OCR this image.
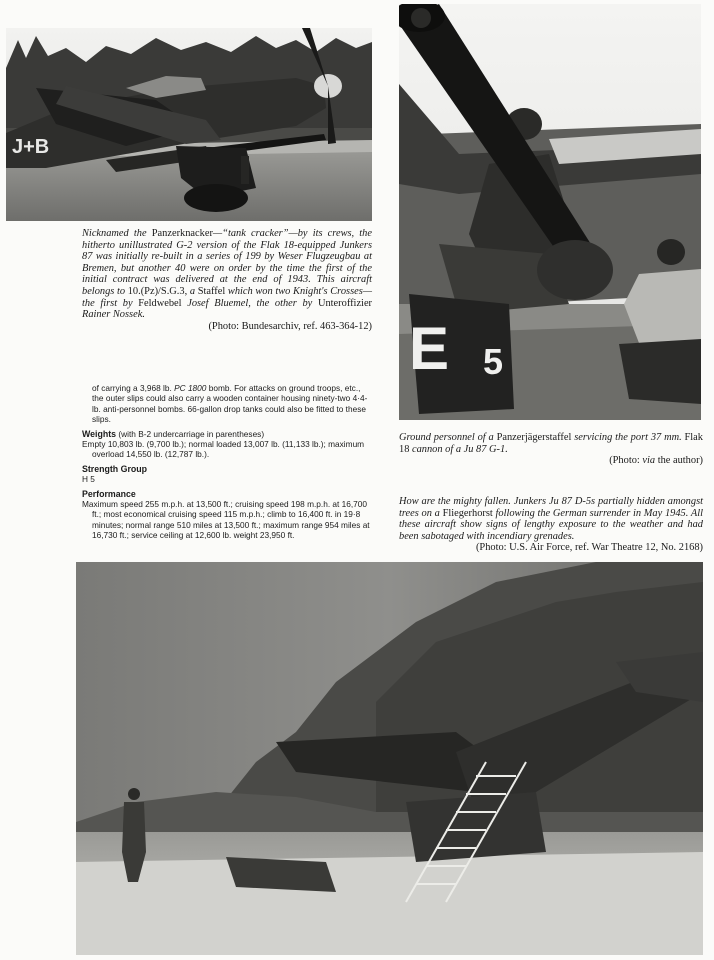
J+B
E 5
Nicknamed the Panzerknacker—“tank cracker”—by its crews, the hitherto unillustrated G-2 version of the Flak 18-equipped Junkers 87 was initially re-built in a series of 199 by Weser Flugzeugbau at Bremen, but another 40 were on order by the time the first of the initial contract was delivered at the end of 1943. This aircraft belongs to 10.(Pz)/S.G.3, a Staffel which won two Knight's Crosses—the first by Feldwebel Josef Bluemel, the other by Unteroffizier Rainer Nossek.
(Photo: Bundesarchiv, ref. 463-364-12)

of carrying a 3,968 lb. PC 1800 bomb. For attacks on ground troops, etc., the outer slips could also carry a wooden container housing ninety-two 4·4-lb. anti-personnel bombs. 66-gallon drop tanks could also be fitted to these slips.

Weights (with B-2 undercarriage in parentheses)

Empty 10,803 lb. (9,700 lb.); normal loaded 13,007 lb. (11,133 lb.); maximum overload 14,550 lb. (12,787 lb.).

Strength Group

H 5

Performance

Maximum speed 255 m.p.h. at 13,500 ft.; cruising speed 198 m.p.h. at 16,700 ft.; most economical cruising speed 115 m.p.h.; climb to 16,400 ft. in 19·8 minutes; normal range 510 miles at 13,500 ft.; maximum range 954 miles at 16,730 ft.; service ceiling at 12,600 lb. weight 23,950 ft.

Ground personnel of a Panzerjägerstaffel servicing the port 37 mm. Flak 18 cannon of a Ju 87 G-1.
(Photo: via the author)
How are the mighty fallen. Junkers Ju 87 D-5s partially hidden amongst trees on a Fliegerhorst following the German surrender in May 1945. All these aircraft show signs of lengthy exposure to the weather and had been sabotaged with incendiary grenades.
(Photo: U.S. Air Force, ref. War Theatre 12, No. 2168)
